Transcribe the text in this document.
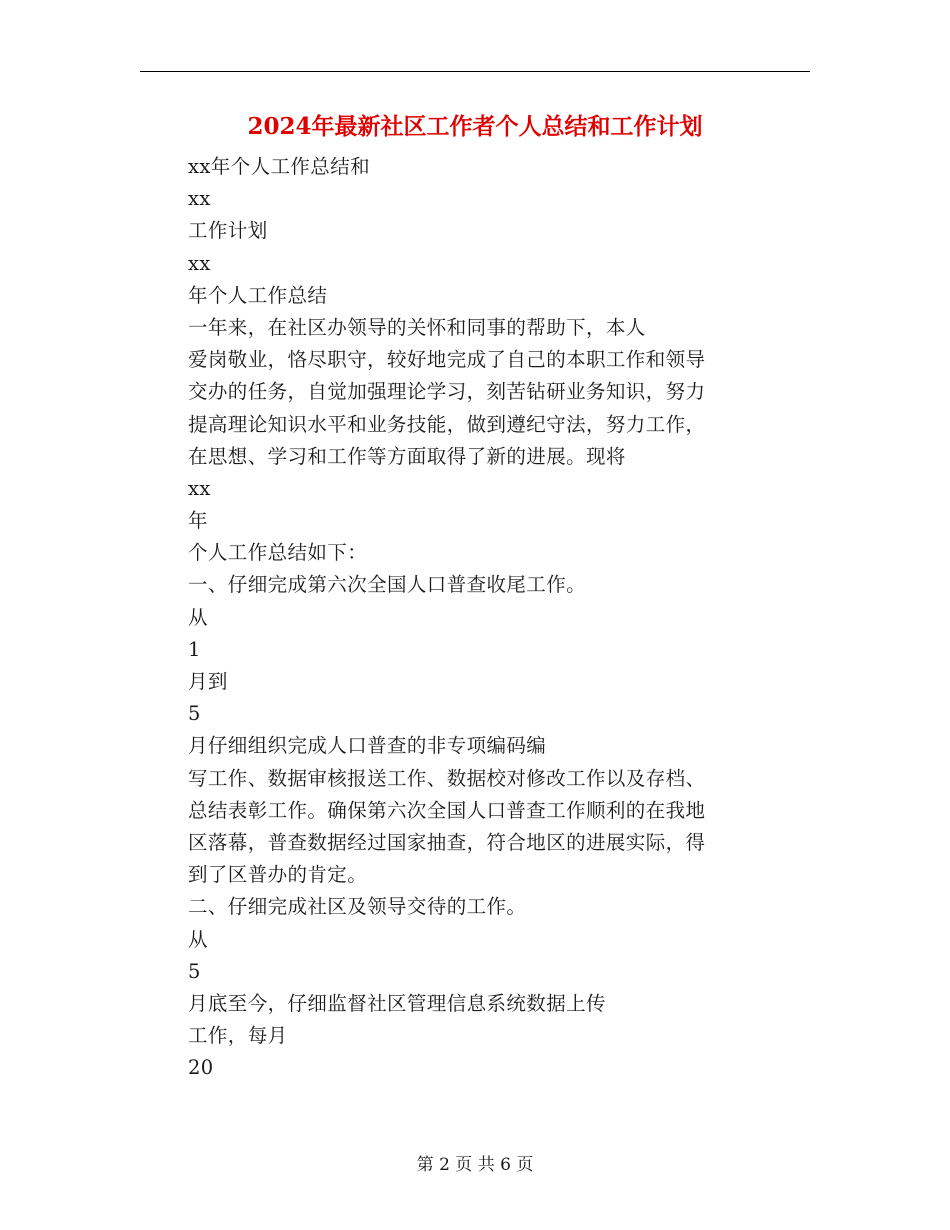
2024年最新社区工作者个人总结和工作计划
xx年个人工作总结和
xx
工作计划
xx
年个人工作总结
一年来，在社区办领导的关怀和同事的帮助下，本人
爱岗敬业，恪尽职守，较好地完成了自己的本职工作和领导
交办的任务，自觉加强理论学习，刻苦钻研业务知识，努力
提高理论知识水平和业务技能，做到遵纪守法，努力工作，
在思想、学习和工作等方面取得了新的进展。现将
xx
年
个人工作总结如下：
一、仔细完成第六次全国人口普查收尾工作。
从
1
月到
5
月仔细组织完成人口普查的非专项编码编
写工作、数据审核报送工作、数据校对修改工作以及存档、
总结表彰工作。确保第六次全国人口普查工作顺利的在我地
区落幕，普查数据经过国家抽查，符合地区的进展实际，得
到了区普办的肯定。
二、仔细完成社区及领导交待的工作。
从
5
月底至今，仔细监督社区管理信息系统数据上传
工作，每月
20
第 2 页 共 6 页
